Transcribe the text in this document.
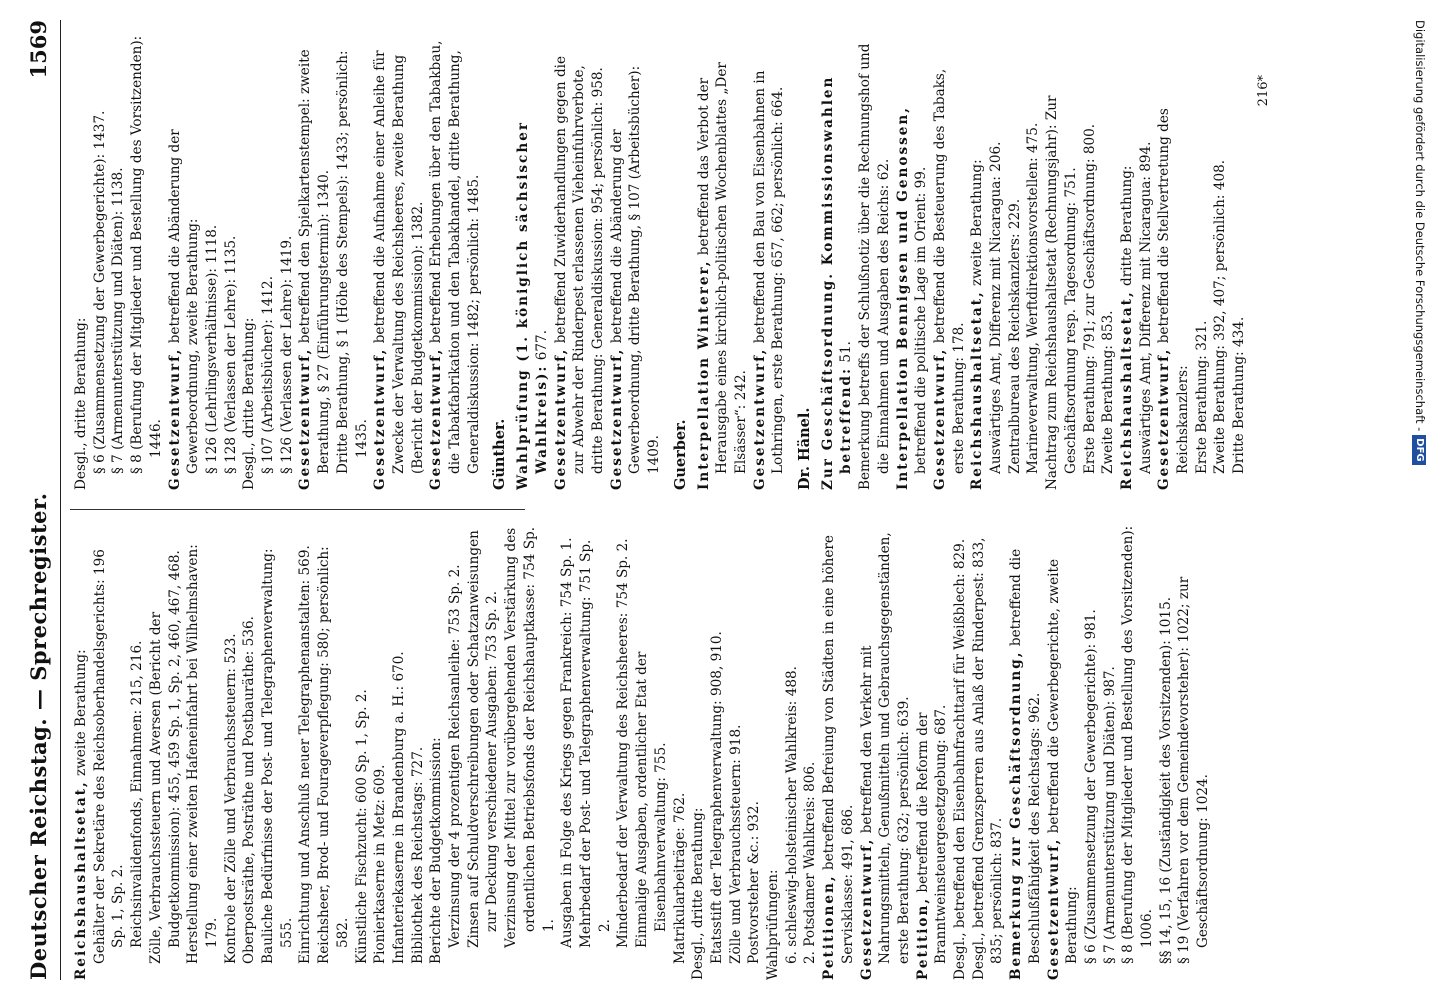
Deutscher Reichstag. — Sprechregister.
1569

Reichshaushaltsetat, zweite Berathung: Gehälter der Sekretäre des Reichsoberhandelsgerichts: 196 Sp. 1, Sp. 2. Reichsinvalidenfonds, Einnahmen: 215, 216. Zölle, Verbrauchssteuern und Aversen (Bericht der Budgetkommission): 455, 459 Sp. 1, Sp. 2, 460, 467, 468. Herstellung einer zweiten Hafeneinfahrt bei Wilhelmshaven: 179. Kontrole der Zölle und Verbrauchssteuern: 523. Oberpostsräthe, Posträthe und Postbauräthe: 536. Bauliche Bedürfnisse der Post- und Telegraphenverwaltung: 555. Einrichtung und Anschluß neuer Telegraphenanstalten: 569. Reichsheer, Brod- und Fourageverpflegung: 580; persönlich: 582. Künstliche Fischzucht: 600 Sp. 1, Sp. 2. Pionierkaserne in Metz: 609. Infanteriekaserne in Brandenburg a. H.: 670. Bibliothek des Reichstags: 727. Berichte der Budgetkommission: Verzinsung der 4 prozentigen Reichsanleihe: 753 Sp. 2. Zinsen auf Schuldverschreibungen oder Schatzanweisungen zur Deckung verschiedener Ausgaben: 753 Sp. 2. Verzinsung der Mittel zur vorübergehenden Verstärkung des ordentlichen Betriebsfonds der Reichshauptkasse: 754 Sp. 1. Ausgaben in Folge des Kriegs gegen Frankreich: 754 Sp. 1. Mehrbedarf der Post- und Telegraphenverwaltung: 751 Sp. 2. Minderbedarf der Verwaltung des Reichsheeres: 754 Sp. 2. Einmalige Ausgaben, ordentlicher Etat der Eisenbahnverwaltung: 755. Matrikularbeiträge: 762. Desgl., dritte Berathung: Etatsstift der Telegraphenverwaltung: 908, 910. Zölle und Verbrauchssteuern: 918. Postvorsteher &c.: 932. Wahlprüfungen: 6. schleswig-holsteinischer Wahlkreis: 488. 2. Potsdamer Wahlkreis: 806. Petitionen, betreffend Befreiung von Städten in eine höhere Servisklasse: 491, 686. Gesetzentwurf, betreffend den Verkehr mit Nahrungsmitteln, Genußmitteln und Gebrauchsgegenständen, erste Berathung: 632; persönlich: 639. Petition, betreffend die Reform der Branntweinsteuergesetzgebung: 687. Desgl., betreffend den Eisenbahnfrachttarif für Weißblech: 829. Desgl., betreffend Grenzsperren aus Anlaß der Rinderpest: 833, 835; persönlich: 837. Bemerkung zur Geschäftsordnung, betreffend die Beschlußfähigkeit des Reichstags: 962. Gesetzentwurf, betreffend die Gewerbegerichte, zweite Berathung: § 6 (Zusammensetzung der Gewerbegerichte): 981. § 7 (Armenunterstützung und Diäten): 987. § 8 (Berufung der Mitglieder und Bestellung des Vorsitzenden): 1006. §§ 14, 15, 16 (Zuständigkeit des Vorsitzenden): 1015. § 19 (Verfahren vor dem Gemeindevorsteher): 1022; zur Geschäftsordnung: 1024.

Desgl., dritte Berathung: § 6 (Zusammensetzung der Gewerbegerichte): 1437. § 7 (Armenunterstützung und Diäten): 1138. § 8 (Berufung der Mitglieder und Bestellung des Vorsitzenden): 1446. Gesetzentwurf, betreffend die Abänderung der Gewerbeordnung, zweite Berathung: § 126 (Lehrlingsverhältnisse): 1118. § 128 (Verlassen der Lehre): 1135. Desgl., dritte Berathung: § 107 (Arbeitsbücher): 1412. § 126 (Verlassen der Lehre): 1419. Gesetzentwurf, betreffend den Spielkartenstempel: zweite Berathung, § 27 (Einführungstermin): 1340. Dritte Berathung, § 1 (Höhe des Stempels): 1433; persönlich: 1435. Gesetzentwurf, betreffend die Aufnahme einer Anleihe für Zwecke der Verwaltung des Reichsheeres, zweite Berathung (Bericht der Budgetkommission): 1382. Gesetzentwurf, betreffend Erhebungen über den Tabakbau, die Tabakfabrikation und den Tabakhandel, dritte Berathung, Generaldiskussion: 1482; persönlich: 1485. Günther. Wahlprüfung (1. königlich sächsischer Wahlkreis): 677.

Gesetzentwurf, betreffend Zuwiderhandlungen gegen die zur Abwehr der Rinderpest erlassenen Vieheinfuhrverbote, dritte Berathung: Generaldiskussion: 954; persönlich: 958. Gesetzentwurf, betreffend die Abänderung der Gewerbeordnung, dritte Berathung, § 107 (Arbeitsbücher): 1409. Guerber. Interpellation Winterer, betreffend das Verbot der Herausgabe eines kirchlich-politischen Wochenblattes „Der Elsässer“: 242. Gesetzentwurf, betreffend den Bau von Eisenbahnen in Lothringen, erste Berathung: 657, 662; persönlich: 664. Dr. Hänel. Zur Geschäftsordnung. Kommissionswahlen betreffend: 51. Bemerkung betreffs der Schlußnotiz über die Rechnungshof und die Einnahmen und Ausgaben des Reichs: 62. Interpellation Bennigsen und Genossen, betreffend die politische Lage im Orient: 99. Gesetzentwurf, betreffend die Besteuerung des Tabaks, erste Berathung: 178. Reichshaushaltsetat, zweite Berathung: Auswärtiges Amt, Differenz mit Nicaragua: 206. Zentralbureau des Reichskanzlers: 229. Marineverwaltung, Werftdirektionsvorstellen: 475. Nachtrag zum Reichshaushaltsetat (Rechnungsjahr): Zur Geschäftsordnung resp. Tagesordnung: 751. Erste Berathung: 791; zur Geschäftsordnung: 800. Zweite Berathung: 853. Reichshaushaltsetat, dritte Berathung: Auswärtiges Amt, Differenz mit Nicaragua: 894. Gesetzentwurf, betreffend die Stellvertretung des Reichskanzlers: Erste Berathung: 321. Zweite Berathung: 392, 407; persönlich: 408. Dritte Berathung: 434.

216*	Digitalisierung gefördert durch die Deutsche Forschungsgemeinschaft -DFG
